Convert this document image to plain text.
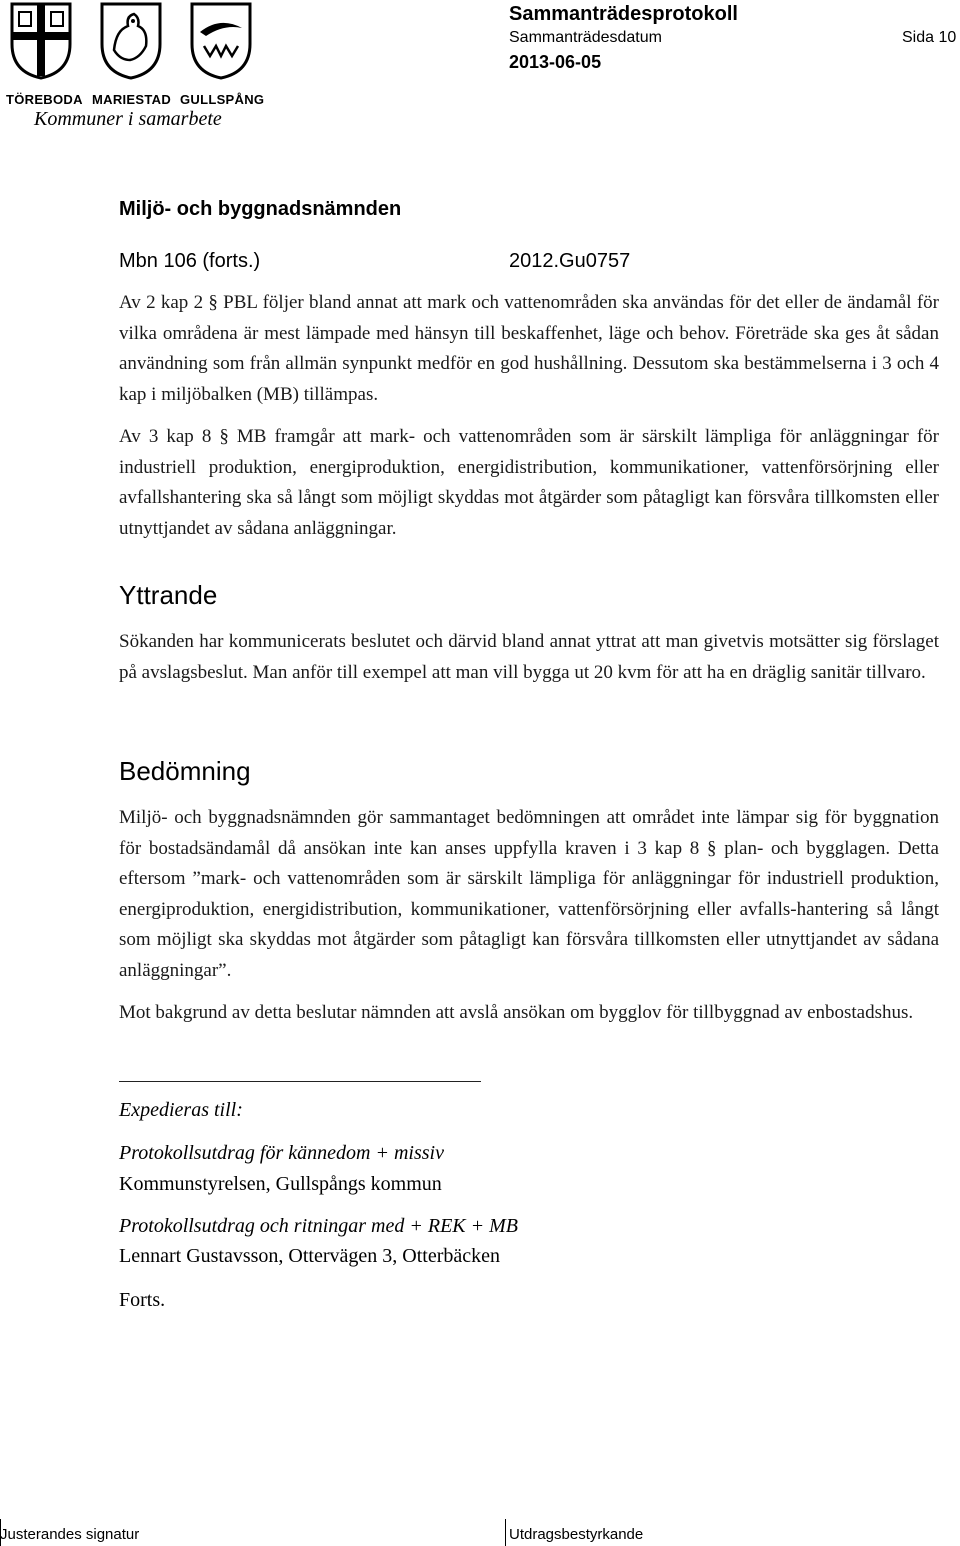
TÖREBODA MARIESTAD GULLSPÅNG
Kommuner i samarbete
Sammanträdesprotokoll
Sammanträdesdatum	Sida 10
2013-06-05
Miljö- och byggnadsnämnden
Mbn 106 (forts.)	2012.Gu0757

Av 2 kap 2 § PBL följer bland annat att mark och vattenområden ska användas för det eller de ändamål för vilka områdena är mest lämpade med hänsyn till beskaffenhet, läge och behov. Företräde ska ges åt sådan användning som från allmän synpunkt medför en god hushållning. Dessutom ska bestämmelserna i 3 och 4 kap i miljöbalken (MB) tillämpas.

Av 3 kap 8 § MB framgår att mark- och vattenområden som är särskilt lämpliga för anläggningar för industriell produktion, energiproduktion, energidistribution, kommunikationer, vattenförsörjning eller avfallshantering ska så långt som möjligt skyddas mot åtgärder som påtagligt kan försvåra tillkomsten eller utnyttjandet av sådana anläggningar.

Yttrande

Sökanden har kommunicerats beslutet och därvid bland annat yttrat att man givetvis motsätter sig förslaget på avslagsbeslut. Man anför till exempel att man vill bygga ut 20 kvm för att ha en dräglig sanitär tillvaro.

Bedömning

Miljö- och byggnadsnämnden gör sammantaget bedömningen att området inte lämpar sig för byggnation för bostadsändamål då ansökan inte kan anses uppfylla kraven i 3 kap 8 § plan- och bygglagen. Detta eftersom ”mark- och vattenområden som är särskilt lämpliga för anläggningar för industriell produktion, energiproduktion, energidistribution, kommunikationer, vattenförsörjning eller avfalls-hantering så långt som möjligt ska skyddas mot åtgärder som påtagligt kan försvåra tillkomsten eller utnyttjandet av sådana anläggningar”.

Mot bakgrund av detta beslutar nämnden att avslå ansökan om bygglov för tillbyggnad av enbostadshus.

Expedieras till:
Protokollsutdrag för kännedom + missiv
Kommunstyrelsen, Gullspångs kommun
Protokollsutdrag och ritningar med + REK + MB
Lennart Gustavsson, Ottervägen 3, Otterbäcken
Forts.
Justerandes signatur	Utdragsbestyrkande
